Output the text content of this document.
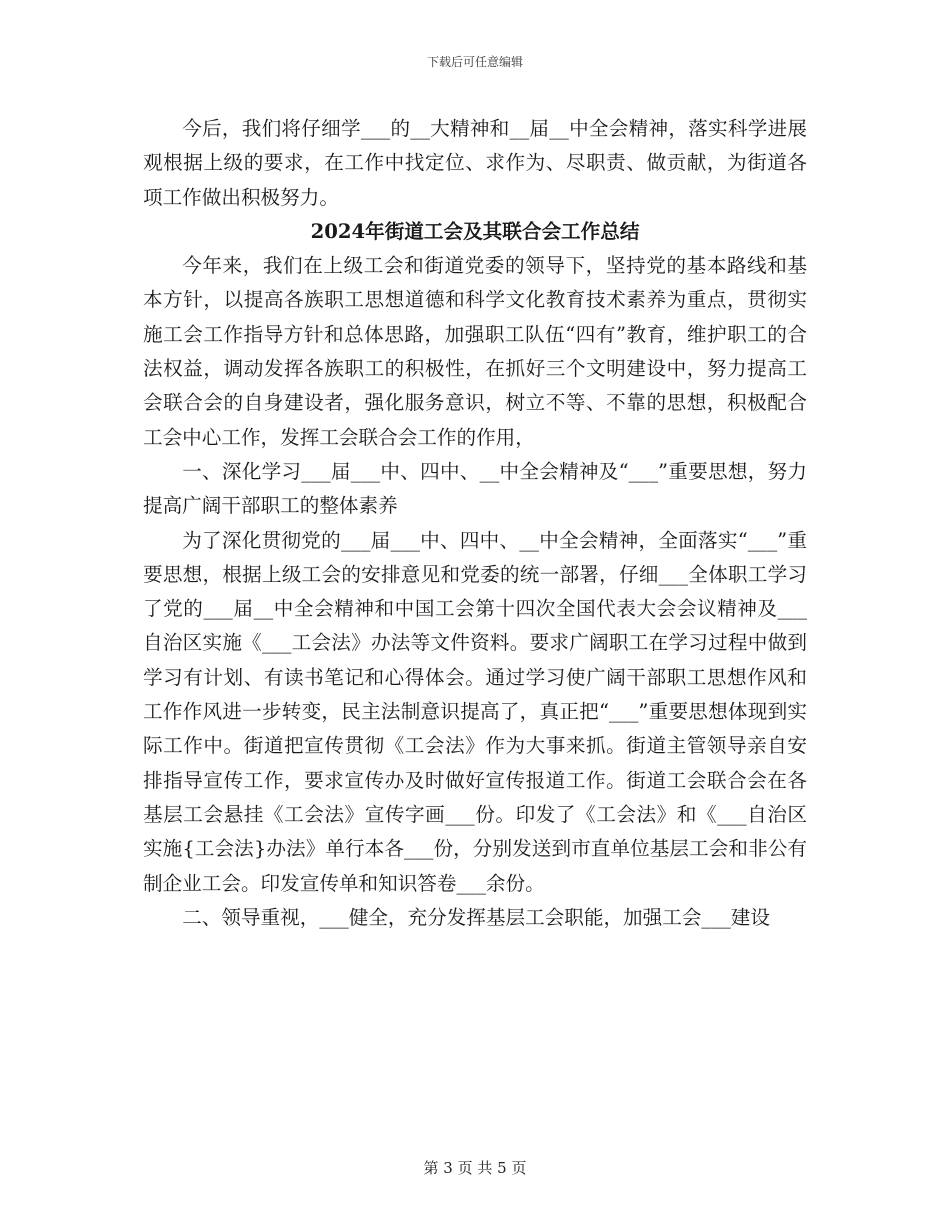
下载后可任意编辑

今后，我们将仔细学___的__大精神和__届__中全会精神，落实科学进展观根据上级的要求，在工作中找定位、求作为、尽职责、做贡献，为街道各项工作做出积极努力。

2024年街道工会及其联合会工作总结

今年来，我们在上级工会和街道党委的领导下，坚持党的基本路线和基本方针，以提高各族职工思想道德和科学文化教育技术素养为重点，贯彻实施工会工作指导方针和总体思路，加强职工队伍“四有”教育，维护职工的合法权益，调动发挥各族职工的积极性，在抓好三个文明建设中，努力提高工会联合会的自身建设者，强化服务意识，树立不等、不靠的思想，积极配合工会中心工作，发挥工会联合会工作的作用，

一、深化学习___届___中、四中、__中全会精神及“___”重要思想，努力提高广阔干部职工的整体素养

为了深化贯彻党的___届___中、四中、__中全会精神，全面落实“___”重要思想，根据上级工会的安排意见和党委的统一部署，仔细___全体职工学习了党的___届__中全会精神和中国工会第十四次全国代表大会会议精神及___自治区实施《___工会法》办法等文件资料。要求广阔职工在学习过程中做到学习有计划、有读书笔记和心得体会。通过学习使广阔干部职工思想作风和工作作风进一步转变，民主法制意识提高了，真正把“___”重要思想体现到实际工作中。街道把宣传贯彻《工会法》作为大事来抓。街道主管领导亲自安排指导宣传工作，要求宣传办及时做好宣传报道工作。街道工会联合会在各基层工会悬挂《工会法》宣传字画___份。印发了《工会法》和《___自治区实施{工会法}办法》单行本各___份，分别发送到市直单位基层工会和非公有制企业工会。印发宣传单和知识答卷___余份。

二、领导重视，___健全，充分发挥基层工会职能，加强工会___建设

第 3 页 共 5 页
